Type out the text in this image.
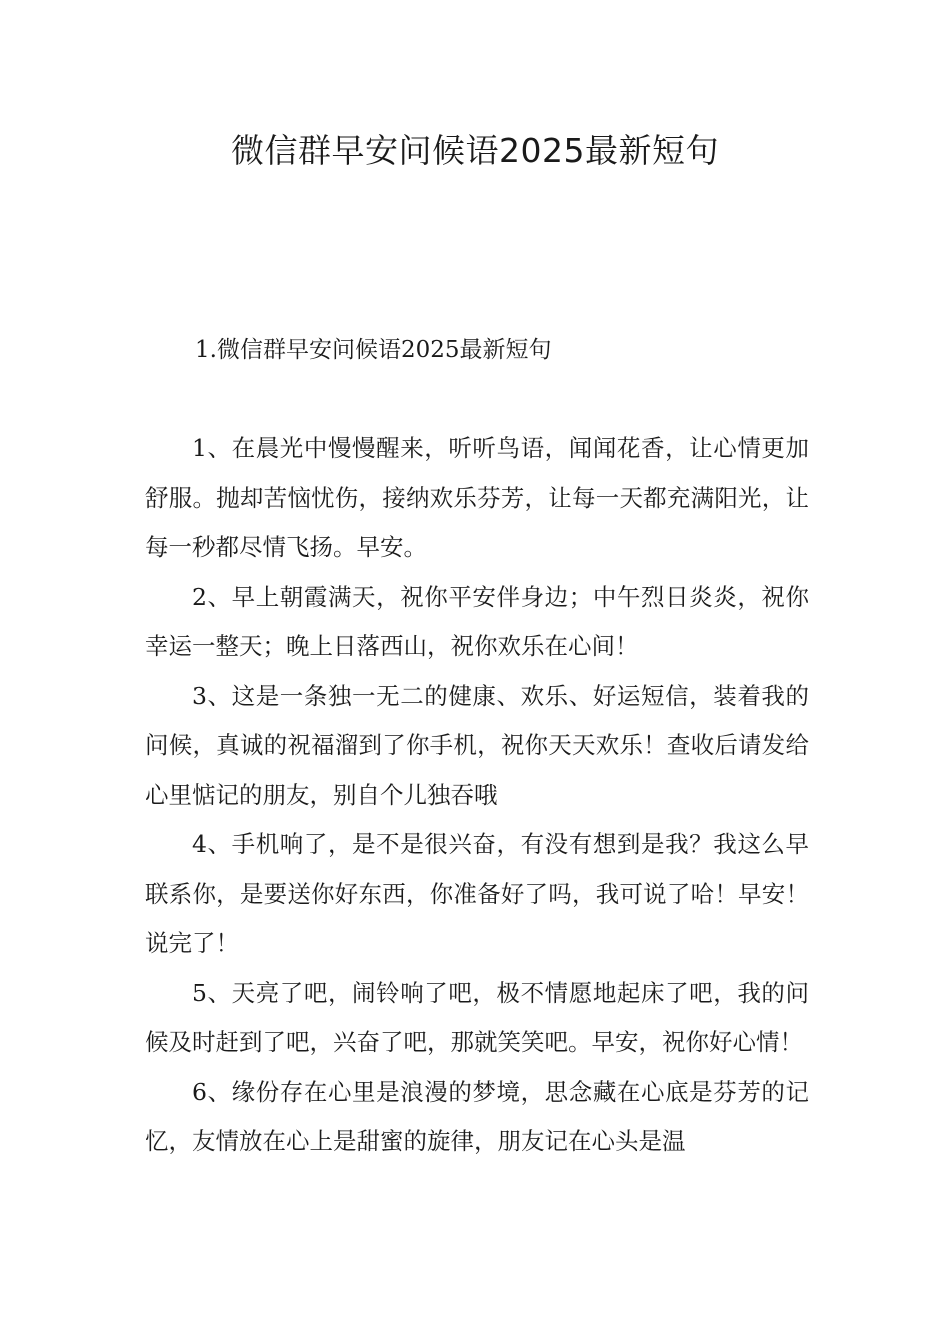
微信群早安问候语2025最新短句
1.微信群早安问候语2025最新短句

1、在晨光中慢慢醒来，听听鸟语，闻闻花香，让心情更加舒服。抛却苦恼忧伤，接纳欢乐芬芳，让每一天都充满阳光，让每一秒都尽情飞扬。早安。

2、早上朝霞满天，祝你平安伴身边；中午烈日炎炎，祝你幸运一整天；晚上日落西山，祝你欢乐在心间！

3、这是一条独一无二的健康、欢乐、好运短信，装着我的问候，真诚的祝福溜到了你手机，祝你天天欢乐！查收后请发给心里惦记的朋友，别自个儿独吞哦

4、手机响了，是不是很兴奋，有没有想到是我？我这么早联系你，是要送你好东西，你准备好了吗，我可说了哈！早安！说完了！

5、天亮了吧，闹铃响了吧，极不情愿地起床了吧，我的问候及时赶到了吧，兴奋了吧，那就笑笑吧。早安，祝你好心情！

6、缘份存在心里是浪漫的梦境，思念藏在心底是芬芳的记忆，友情放在心上是甜蜜的旋律，朋友记在心头是温
